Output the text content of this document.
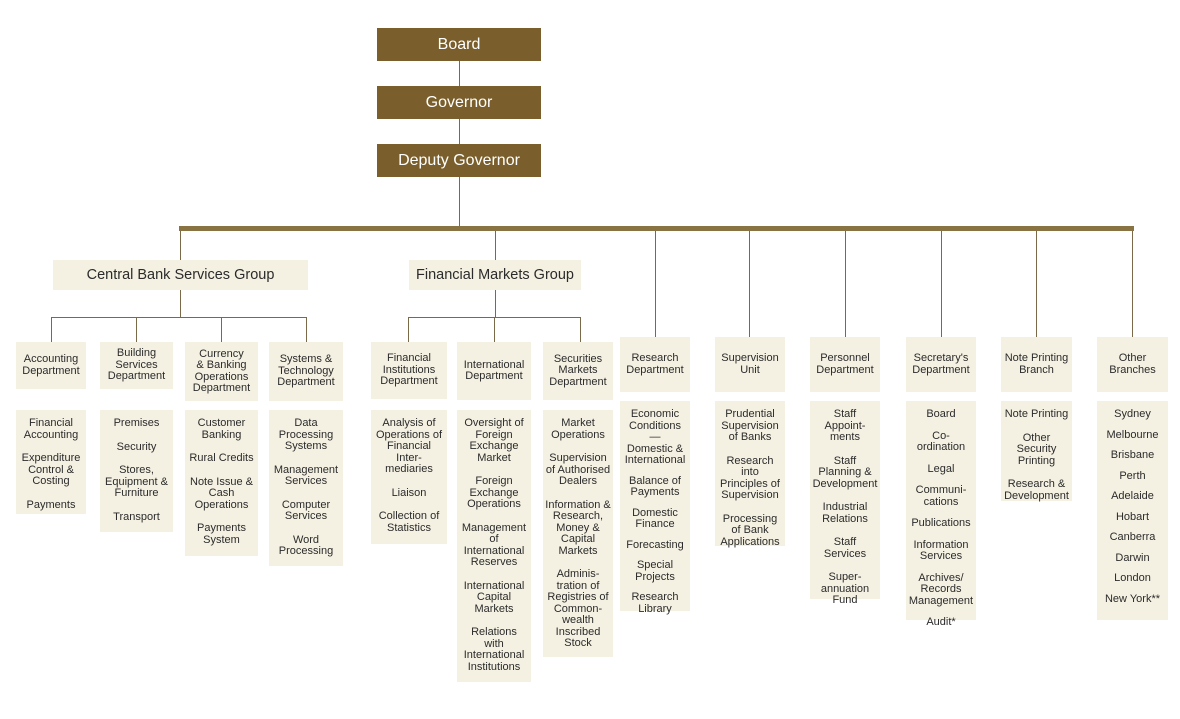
Board
Governor
Deputy Governor
Central Bank Services Group	Financial Markets Group
Accounting
Department
Financial
Accounting
Expenditure
Control &
Costing
Payments
Building
Services
Department
Premises
Security
Stores,
Equipment &
Furniture
Transport
Currency
& Banking
Operations
Department
Customer
Banking
Rural Credits
Note Issue &
Cash
Operations
Payments
System
Systems &
Technology
Department
Data
Processing
Systems
Management
Services
Computer
Services
Word
Processing
Financial
Institutions
Department
Analysis of
Operations of
Financial
Inter-
mediaries
Liaison
Collection of
Statistics
International
Department
Oversight of
Foreign
Exchange
Market
Foreign
Exchange
Operations
Management
of
International
Reserves
International
Capital
Markets
Relations
with
International
Institutions
Securities
Markets
Department
Market
Operations
Supervision
of Authorised
Dealers
Information &
Research,
Money &
Capital
Markets
Adminis-
tration of
Registries of
Common-
wealth
Inscribed
Stock
Research
Department
Economic
Conditions —
Domestic &
International
Balance of
Payments
Domestic
Finance
Forecasting
Special
Projects
Research
Library
Supervision
Unit
Prudential
Supervision
of Banks
Research
into
Principles of
Supervision
Processing
of Bank
Applications
Personnel
Department
Staff
Appoint-
ments
Staff
Planning &
Development
Industrial
Relations
Staff
Services
Super-
annuation
Fund
Secretary's
Department
Board
Co-ordination
Legal
Communi-
cations
Publications
Information
Services
Archives/
Records
Management
Audit*
Note Printing
Branch
Note Printing
Other
Security
Printing
Research &
Development
Other
Branches
Sydney
Melbourne
Brisbane
Perth
Adelaide
Hobart
Canberra
Darwin
London
New York**
